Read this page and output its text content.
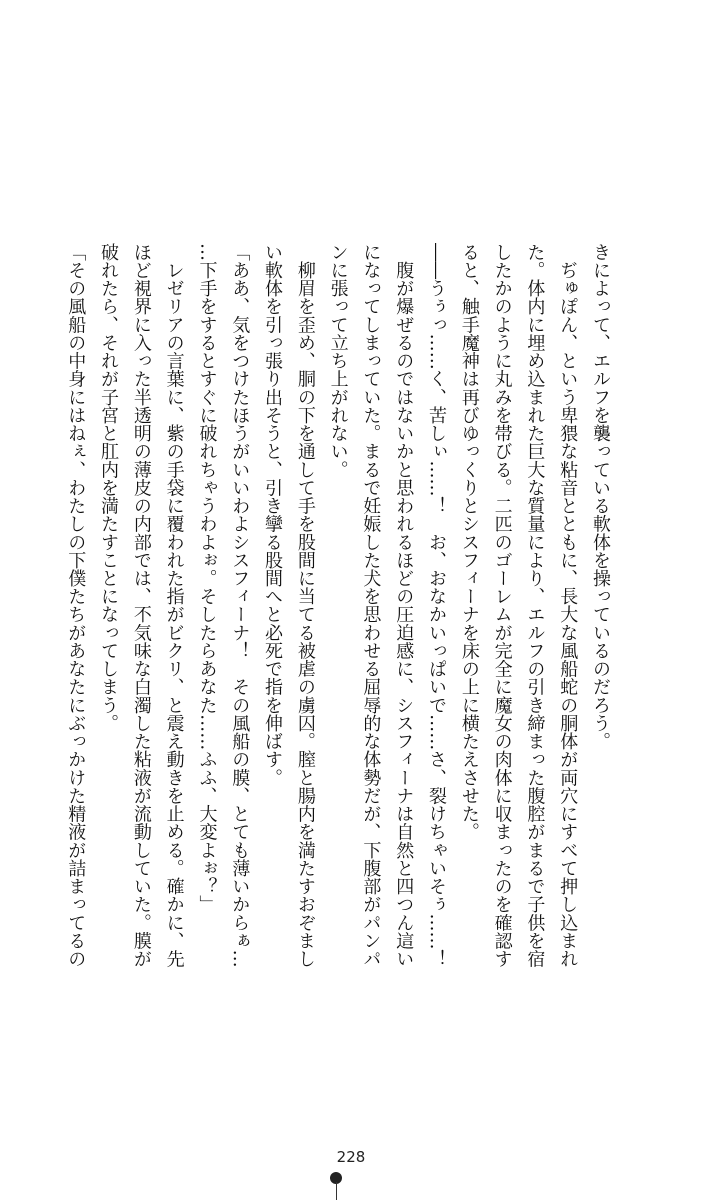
きによって、エルフを襲っている軟体を操っているのだろう。
　ぢゅぽん、という卑猥な粘音とともに、長大な風船蛇の胴体が両穴にすべて押し込まれ
た。体内に埋め込まれた巨大な質量により、エルフの引き締まった腹腔がまるで子供を宿
したかのように丸みを帯びる。二匹のゴーレムが完全に魔女の肉体に収まったのを確認す
ると、触手魔神は再びゆっくりとシスフィーナを床の上に横たえさせた。
――うぅっ……く、苦しぃ……！　お、おなかいっぱいで……さ、裂けちゃいそぅ……！
　腹が爆ぜるのではないかと思われるほどの圧迫感に、シスフィーナは自然と四つん這い
になってしまっていた。まるで妊娠した犬を思わせる屈辱的な体勢だが、下腹部がパンパ
ンに張って立ち上がれない。
　柳眉を歪め、胴の下を通して手を股間に当てる被虐の虜囚。膣と腸内を満たすおぞまし
い軟体を引っ張り出そうと、引き攣る股間へと必死で指を伸ばす。
「ああ、気をつけたほうがいいわよシスフィーナ！　その風船の膜、とても薄いからぁ…
…下手をするとすぐに破れちゃうわよぉ。そしたらあなた……ふふ、大変よぉ？」
　レゼリアの言葉に、紫の手袋に覆われた指がビクリ、と震え動きを止める。確かに、先
ほど視界に入った半透明の薄皮の内部では、不気味な白濁した粘液が流動していた。膜が
破れたら、それが子宮と肛内を満たすことになってしまう。
「その風船の中身にはねぇ、わたしの下僕たちがあなたにぶっかけた精液が詰まってるの
228
